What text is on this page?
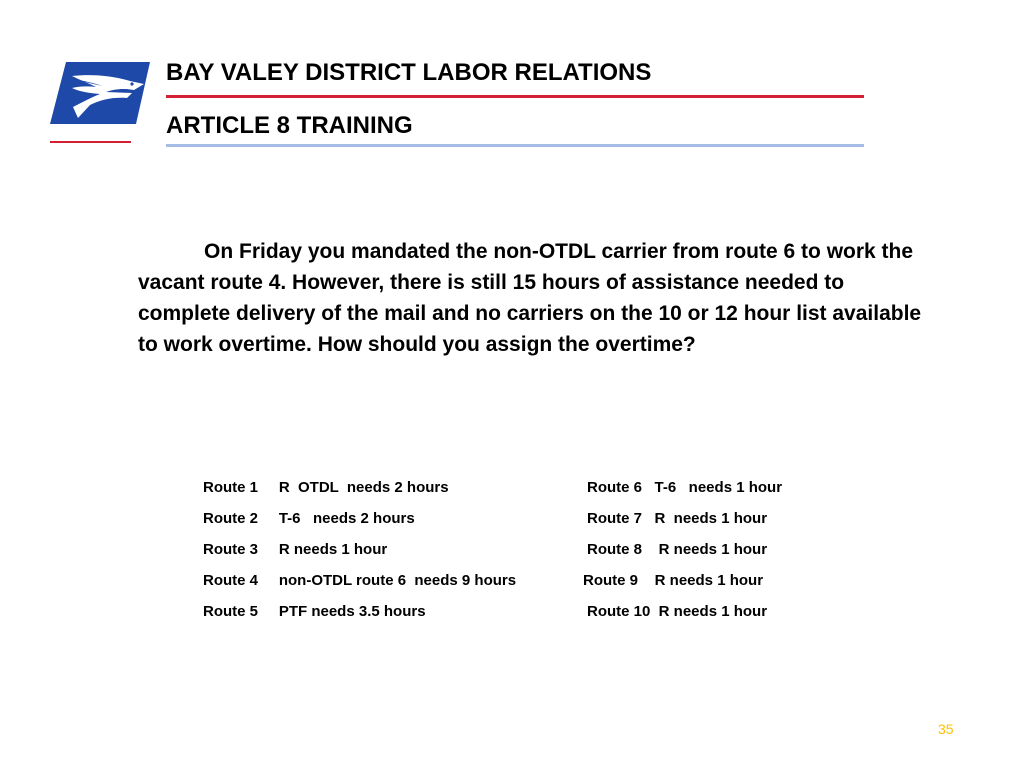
BAY VALEY DISTRICT LABOR RELATIONS
ARTICLE 8 TRAINING

On Friday you mandated the non-OTDL carrier from route 6 to work the vacant route 4. However, there is still 15 hours of assistance needed to complete delivery of the mail and no carriers on the 10 or 12 hour list available to work overtime. How should you assign the overtime?

Route 1     R  OTDL  needs 2 hours

	Route 6   T-6   needs 1 hour

Route 2     T-6   needs 2 hours

	Route 7   R  needs 1 hour

Route 3     R needs 1 hour

	Route 8    R needs 1 hour

Route 4     non-OTDL route 6  needs 9 hours

	Route 9    R needs 1 hour

Route 5     PTF needs 3.5 hours

	Route 10  R needs 1 hour

35
